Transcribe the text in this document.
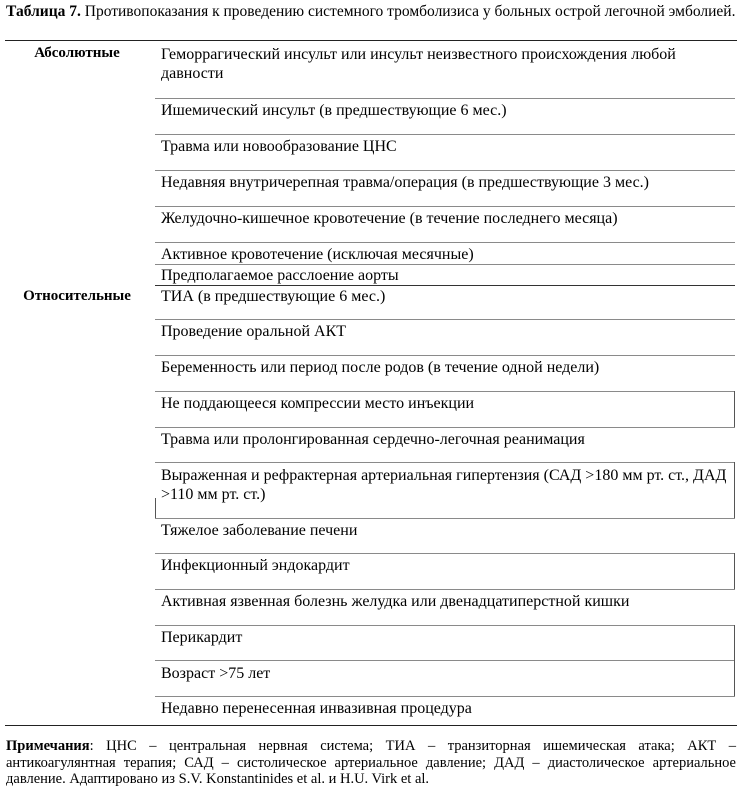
Таблица 7. Противопоказания к проведению системного тромболизиса у больных острой легочной эмболией.
Абсолютные
Относительные
Геморрагический инсульт или инсульт неизвестного происхождения любой давности
Ишемический инсульт (в предшествующие 6 мес.)
Травма или новообразование ЦНС
Недавняя внутричерепная травма/операция (в предшествующие 3 мес.)
Желудочно-кишечное кровотечение (в течение последнего месяца)
Активное кровотечение (исключая месячные)
Предполагаемое расслоение аорты
ТИА (в предшествующие 6 мес.)
Проведение оральной АКТ
Беременность или период после родов (в течение одной недели)
Не поддающееся компрессии место инъекции
Травма или пролонгированная сердечно-легочная реанимация
Выраженная и рефрактерная артериальная гипертензия (САД >180 мм рт. ст., ДАД >110 мм рт. ст.)
Тяжелое заболевание печени
Инфекционный эндокардит
Активная язвенная болезнь желудка или двенадцатиперстной кишки
Перикардит
Возраст >75 лет
Недавно перенесенная инвазивная процедура
Примечания: ЦНС – центральная нервная система; ТИА – транзиторная ишемическая атака; АКТ – антикоагулянтная терапия; САД – систолическое артериальное давление; ДАД – диастолическое артериальное давление. Адаптировано из S.V. Konstantinides et al. и H.U. Virk et al.
